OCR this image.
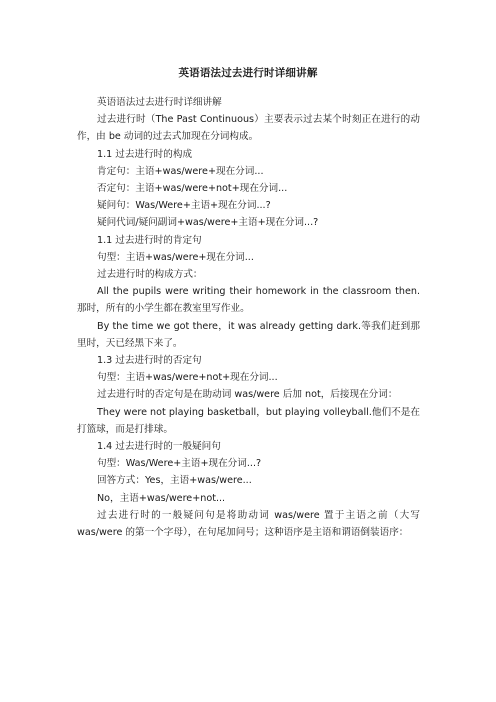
英语语法过去进行时详细讲解

英语语法过去进行时详细讲解

过去进行时（The Past Continuous）主要表示过去某个时刻正在进行的动作，由 be 动词的过去式加现在分词构成。

1.1 过去进行时的构成

肯定句：主语+was/were+现在分词...

否定句：主语+was/were+not+现在分词...

疑问句：Was/Were+主语+现在分词...?

疑问代词/疑问副词+was/were+主语+现在分词...?

1.1 过去进行时的肯定句

句型：主语+was/were+现在分词...

过去进行时的构成方式：

All the pupils were writing their homework in the classroom then.那时，所有的小学生都在教室里写作业。

By the time we got there，it was already getting dark.等我们赶到那里时，天已经黑下来了。

1.3 过去进行时的否定句

句型：主语+was/were+not+现在分词...

过去进行时的否定句是在助动词 was/were 后加 not，后接现在分词：

They were not playing basketball，but playing volleyball.他们不是在打篮球，而是打排球。

1.4 过去进行时的一般疑问句

句型：Was/Were+主语+现在分词...?

回答方式：Yes，主语+was/were...

No，主语+was/were+not...

过去进行时的一般疑问句是将助动词 was/were 置于主语之前（大写 was/were 的第一个字母），在句尾加问号；这种语序是主语和谓语倒装语序：
